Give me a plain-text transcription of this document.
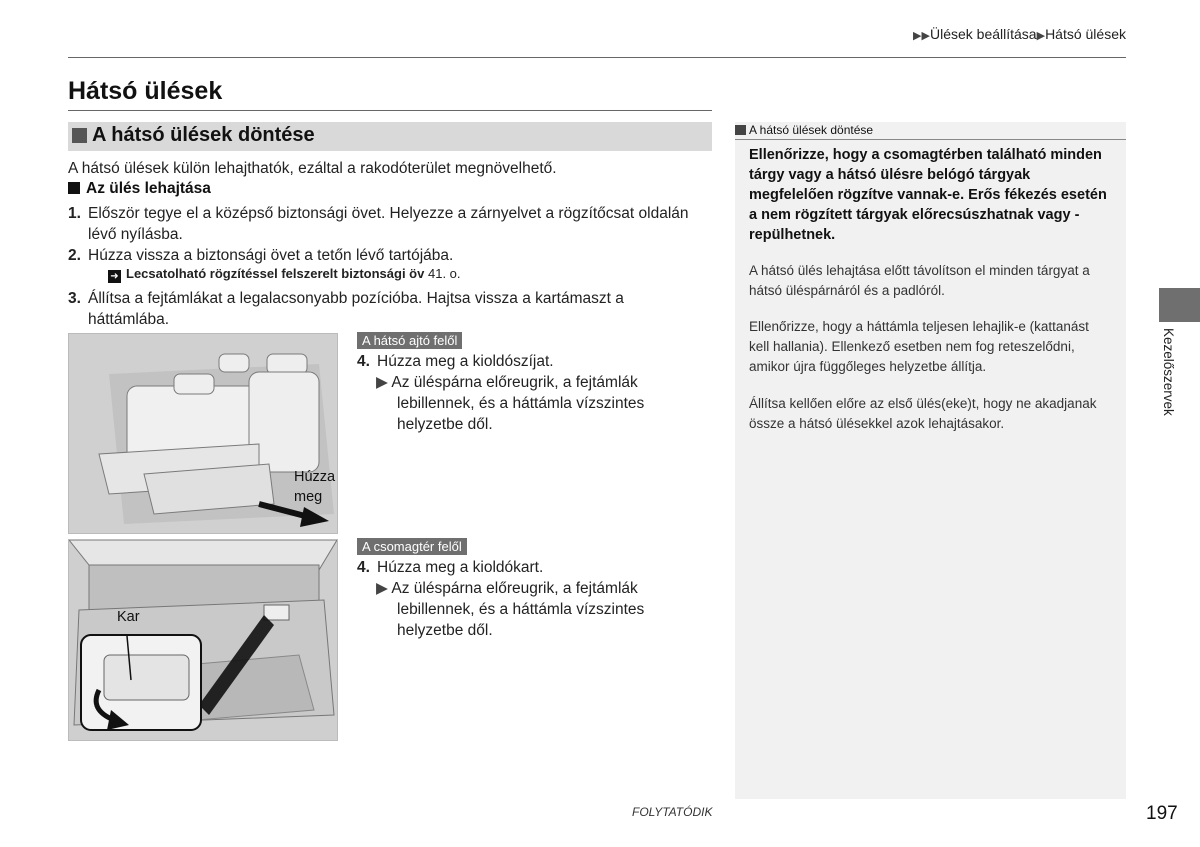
▶▶Ülések beállítása▶Hátsó ülések
Hátsó ülések
A hátsó ülések döntése
A hátsó ülések külön lehajthatók, ezáltal a rakodóterület megnövelhető.
Az ülés lehajtása
1. Először tegye el a középső biztonsági övet. Helyezze a zárnyelvet a rögzítőcsat oldalán
lévő nyílásba.
2. Húzza vissza a biztonsági övet a tetőn lévő tartójába.
➜ Lecsatolható rögzítéssel felszerelt biztonsági öv 41. o.
3. Állítsa a fejtámlákat a legalacsonyabb pozícióba. Hajtsa vissza a kartámaszt a
háttámlába.
Húzza
meg
A hátsó ajtó felől
4. Húzza meg a kioldószíjat.
▶ Az üléspárna előreugrik, a fejtámlák
lebillennek, és a háttámla vízszintes
helyzetbe dől.
Kar
A csomagtér felől
4. Húzza meg a kioldókart.
▶ Az üléspárna előreugrik, a fejtámlák
lebillennek, és a háttámla vízszintes
helyzetbe dől.
A hátsó ülések döntése
Ellenőrizze, hogy a csomagtérben található minden
tárgy vagy a hátsó ülésre belógó tárgyak
megfelelően rögzítve vannak-e. Erős fékezés esetén
a nem rögzített tárgyak előrecsúszhatnak vagy -
repülhetnek.
A hátsó ülés lehajtása előtt távolítson el minden tárgyat a
hátsó üléspárnáról és a padlóról.
Ellenőrizze, hogy a háttámla teljesen lehajlik-e (kattanást
kell hallania). Ellenkező esetben nem fog reteszelődni,
amikor újra függőleges helyzetbe állítja.
Állítsa kellően előre az első ülés(eke)t, hogy ne akadjanak
össze a hátsó ülésekkel azok lehajtásakor.
Kezelőszervek
FOLYTATÓDIK	197
